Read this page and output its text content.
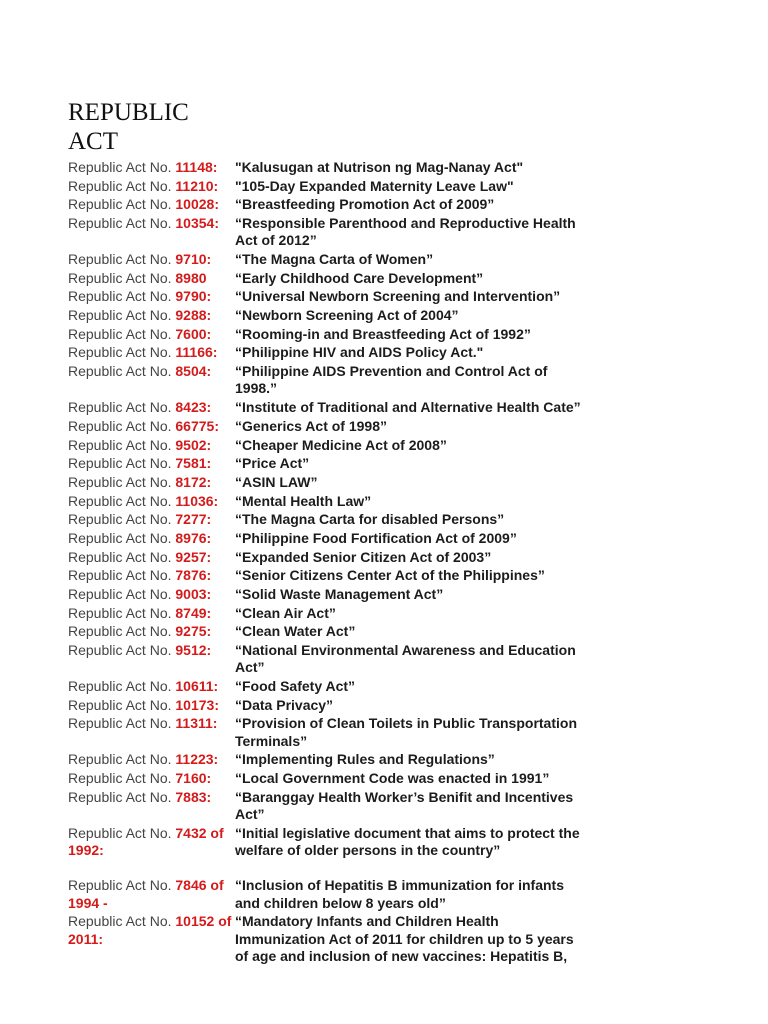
REPUBLIC ACT
Republic Act No. 11148:	"Kalusugan at Nutrison ng Mag-Nanay Act"
Republic Act No. 11210:	"105-Day Expanded Maternity Leave Law"
Republic Act No. 10028:	“Breastfeeding Promotion Act of 2009”
Republic Act No. 10354:	“Responsible Parenthood and Reproductive Health Act of 2012”
Republic Act No. 9710:	“The Magna Carta of Women”
Republic Act No. 8980	“Early Childhood Care Development”
Republic Act No. 9790:	“Universal Newborn Screening and Intervention”
Republic Act No. 9288:	“Newborn Screening Act of 2004”
Republic Act No. 7600:	“Rooming-in and Breastfeeding Act of 1992”
Republic Act No. 11166:	“Philippine HIV and AIDS Policy Act."
Republic Act No. 8504:	“Philippine AIDS Prevention and Control Act of 1998.”
Republic Act No. 8423:	“Institute of Traditional and Alternative Health Cate”
Republic Act No. 66775:	“Generics Act of 1998”
Republic Act No. 9502:	“Cheaper Medicine Act of 2008”
Republic Act No. 7581:	“Price Act”
Republic Act No. 8172:	“ASIN LAW”
Republic Act No. 11036:	“Mental Health Law”
Republic Act No. 7277:	“The Magna Carta for disabled Persons”
Republic Act No. 8976:	“Philippine Food Fortification Act of 2009”
Republic Act No. 9257:	“Expanded Senior Citizen Act of 2003”
Republic Act No. 7876:	“Senior Citizens Center Act of the Philippines”
Republic Act No. 9003:	“Solid Waste Management Act”
Republic Act No. 8749:	“Clean Air Act”
Republic Act No. 9275:	“Clean Water Act”
Republic Act No. 9512:	“National Environmental Awareness and Education Act”
Republic Act No. 10611:	“Food Safety Act”
Republic Act No. 10173:	“Data Privacy”
Republic Act No. 11311:	“Provision of Clean Toilets in Public Transportation Terminals”
Republic Act No. 11223:	“Implementing Rules and Regulations”
Republic Act No. 7160:	“Local Government Code was enacted in 1991”
Republic Act No. 7883:	“Baranggay Health Worker’s Benifit and Incentives Act”
Republic Act No. 7432 of 1992:
“Initial legislative document that aims to protect the welfare of older persons in the country”
Republic Act No. 7846 of 1994 -
“Inclusion of Hepatitis B immunization for infants and children below 8 years old”
Republic Act No. 10152 of 2011:
“Mandatory Infants and Children Health Immunization Act of 2011 for children up to 5 years of age and inclusion of new vaccines: Hepatitis B,
